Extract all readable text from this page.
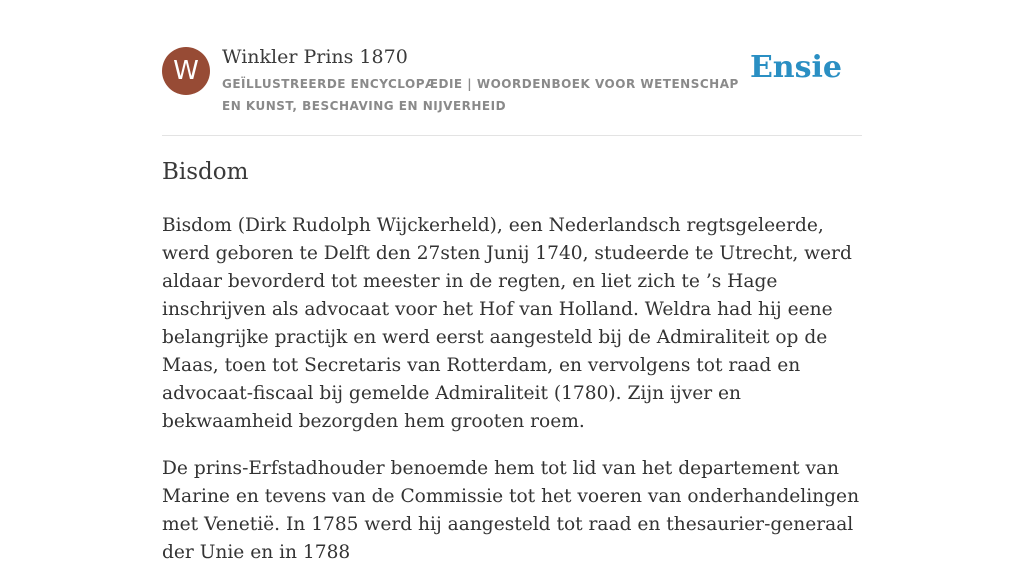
W	Winkler Prins 1870
GEÏLLUSTREERDE ENCYCLOPÆDIE | WOORDENBOEK VOOR WETENSCHAP EN KUNST, BESCHAVING EN NIJVERHEID
Ensie
Bisdom

Bisdom (Dirk Rudolph Wijckerheld), een Nederlandsch regtsgeleerde, werd geboren te Delft den 27sten Junij 1740, studeerde te Utrecht, werd aldaar bevorderd tot meester in de regten, en liet zich te ’s Hage inschrijven als advocaat voor het Hof van Holland. Weldra had hij eene belangrijke practijk en werd eerst aangesteld bij de Admiraliteit op de Maas, toen tot Secretaris van Rotterdam, en vervolgens tot raad en advocaat-fiscaal bij gemelde Admiraliteit (1780). Zijn ijver en bekwaamheid bezorgden hem grooten roem.

De prins-Erfstadhouder benoemde hem tot lid van het departement van Marine en tevens van de Commissie tot het voeren van onderhandelingen met Venetië. In 1785 werd hij aangesteld tot raad en thesaurier-generaal der Unie en in 1788
